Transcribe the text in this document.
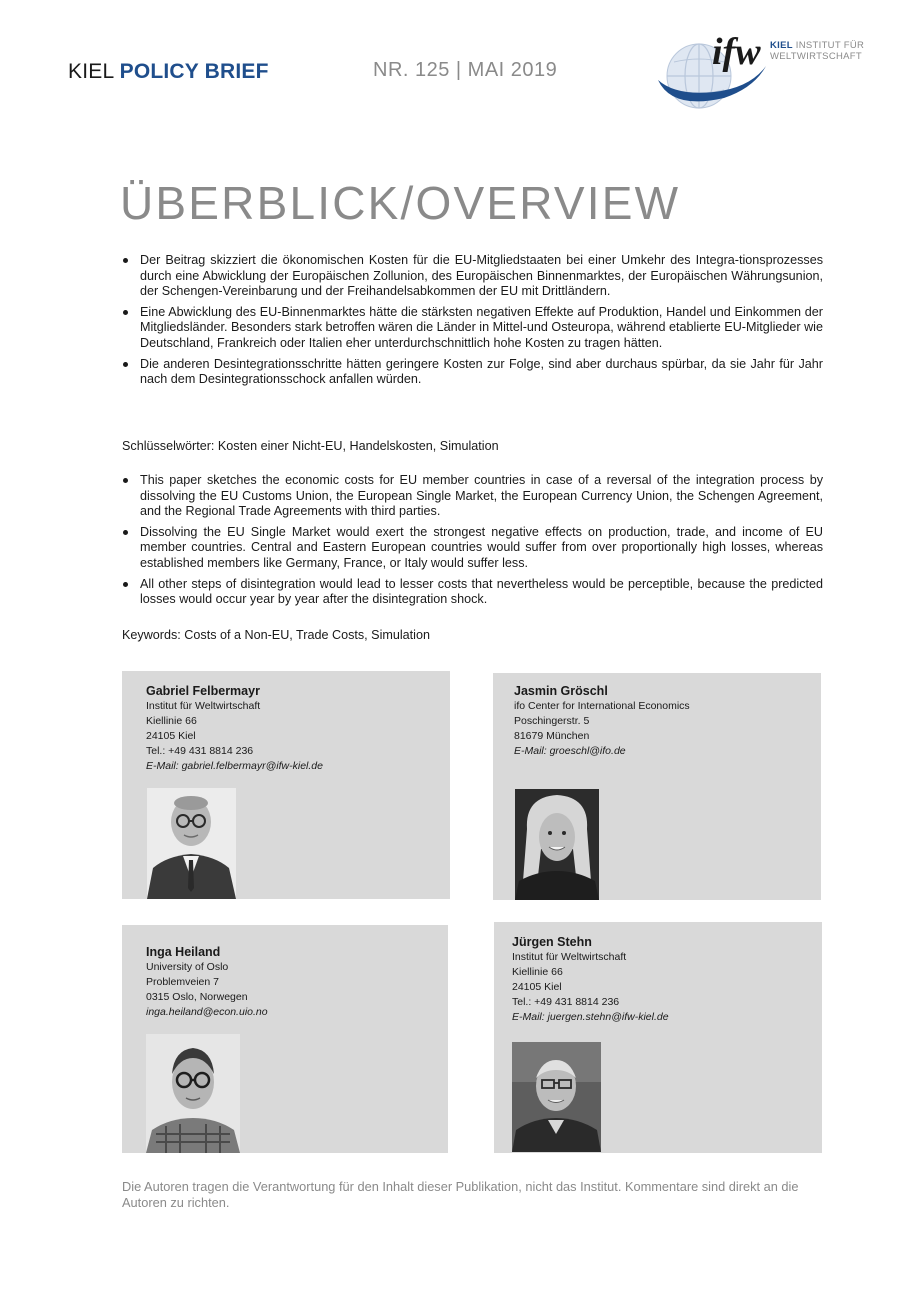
KIEL POLICY BRIEF	NR. 125 | MAI 2019	ifw KIEL INSTITUT FÜR
WELTWIRTSCHAFT
ÜBERBLICK/OVERVIEW
Der Beitrag skizziert die ökonomischen Kosten für die EU-Mitgliedstaaten bei einer Umkehr des Integra-tionsprozesses durch eine Abwicklung der Europäischen Zollunion, des Europäischen Binnenmarktes, der Europäischen Währungsunion, der Schengen-Vereinbarung und der Freihandelsabkommen der EU mit Drittländern.
Eine Abwicklung des EU-Binnenmarktes hätte die stärksten negativen Effekte auf Produktion, Handel und Einkommen der Mitgliedsländer. Besonders stark betroffen wären die Länder in Mittel-und Osteuropa, während etablierte EU-Mitglieder wie Deutschland, Frankreich oder Italien eher unterdurchschnittlich hohe Kosten zu tragen hätten.
Die anderen Desintegrationsschritte hätten geringere Kosten zur Folge, sind aber durchaus spürbar, da sie Jahr für Jahr nach dem Desintegrationsschock anfallen würden.
Schlüsselwörter: Kosten einer Nicht-EU, Handelskosten, Simulation
This paper sketches the economic costs for EU member countries in case of a reversal of the integration process by dissolving the EU Customs Union, the European Single Market, the European Currency Union, the Schengen Agreement, and the Regional Trade Agreements with third parties.
Dissolving the EU Single Market would exert the strongest negative effects on production, trade, and income of EU member countries. Central and Eastern European countries would suffer from over proportionally high losses, whereas established members like Germany, France, or Italy would suffer less.
All other steps of disintegration would lead to lesser costs that nevertheless would be perceptible, because the predicted losses would occur year by year after the disintegration shock.
Keywords: Costs of a Non-EU, Trade Costs, Simulation
Gabriel Felbermayr
Institut für Weltwirtschaft
Kiellinie 66
24105 Kiel
Tel.: +49 431 8814 236
E-Mail: gabriel.felbermayr@ifw-kiel.de
Jasmin Gröschl
ifo Center for International Economics
Poschingerstr. 5
81679 München
E-Mail: groeschl@ifo.de
Inga Heiland
University of Oslo
Problemveien 7
0315 Oslo, Norwegen
inga.heiland@econ.uio.no
Jürgen Stehn
Institut für Weltwirtschaft
Kiellinie 66
24105 Kiel
Tel.: +49 431 8814 236
E-Mail: juergen.stehn@ifw-kiel.de
Die Autoren tragen die Verantwortung für den Inhalt dieser Publikation, nicht das Institut. Kommentare sind direkt an die Autoren zu richten.
